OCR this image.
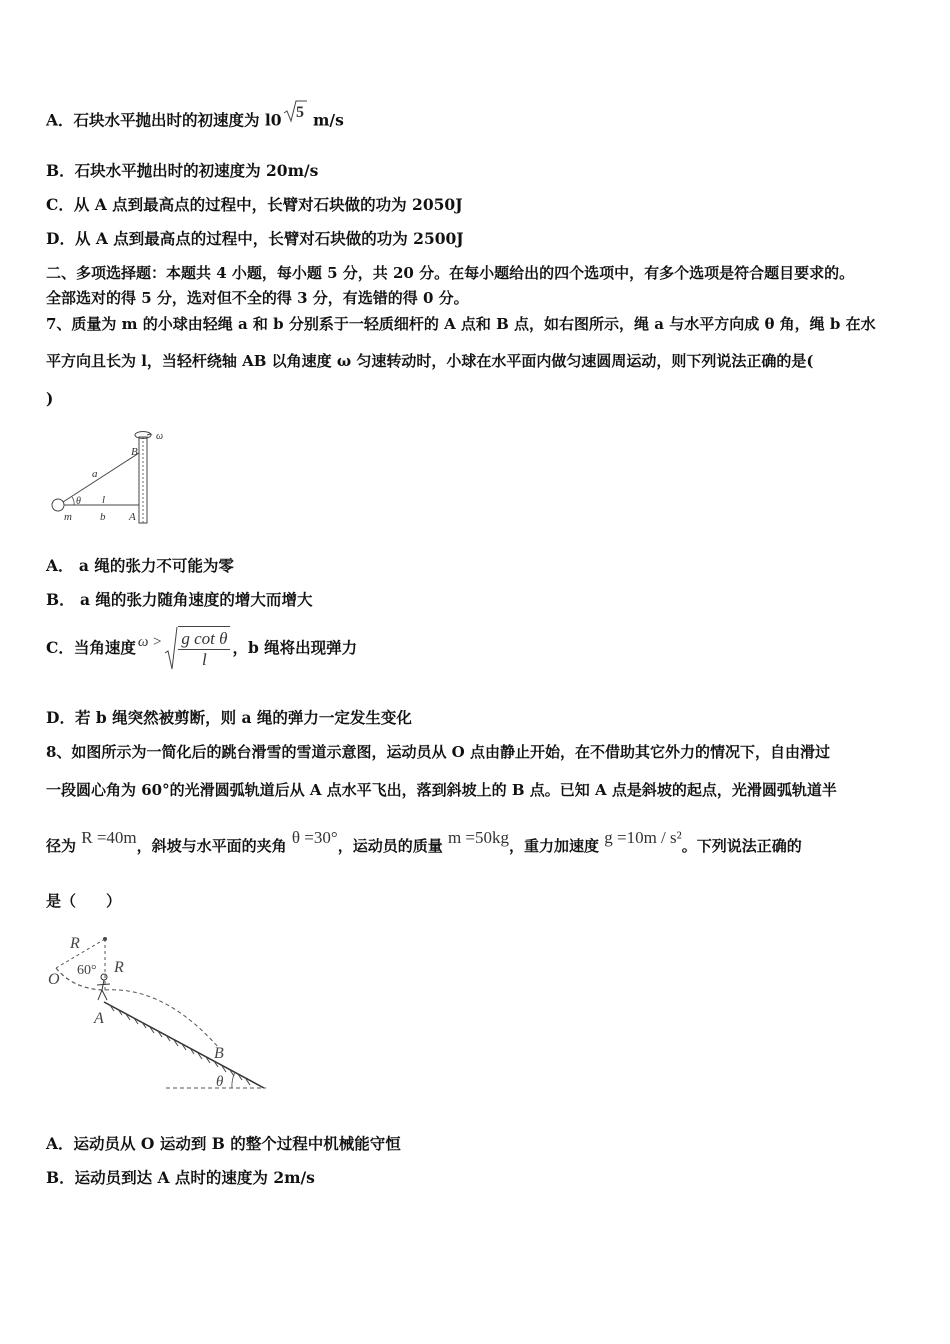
A．石块水平抛出时的初速度为 l0 5 m/s
B．石块水平抛出时的初速度为 20m/s
C．从 A 点到最高点的过程中，长臂对石块做的功为 2050J
D．从 A 点到最高点的过程中，长臂对石块做的功为 2500J
二、多项选择题：本题共 4 小题，每小题 5 分，共 20 分。在每小题给出的四个选项中，有多个选项是符合题目要求的。
全部选对的得 5 分，选对但不全的得 3 分，有选错的得 0 分。
7、质量为 m 的小球由轻绳 a 和 b 分别系于一轻质细杆的 A 点和 B 点，如右图所示，绳 a 与水平方向成 θ 角，绳 b 在水
平方向且长为 l，当轻杆绕轴 AB 以角速度 ω 匀速转动时，小球在水平面内做匀速圆周运动，则下列说法正确的是(
)
B
ω
a
θ l
m	b A
A． a 绳的张力不可能为零
B． a 绳的张力随角速度的增大而增大
C．当角速度 $\omega > \frac{\text{g cot θ}}{l}$ ，b 绳将出现弹力
D．若 b 绳突然被剪断，则 a 绳的弹力一定发生变化
8、如图所示为一简化后的跳台滑雪的雪道示意图，运动员从 O 点由静止开始，在不借助其它外力的情况下，自由滑过
一段圆心角为 60°的光滑圆弧轨道后从 A 点水平飞出，落到斜坡上的 B 点。已知 A 点是斜坡的起点，光滑圆弧轨道半
径为 R =40m，斜坡与水平面的夹角 θ =30°，运动员的质量 m =50kg，重力加速度 g =10m / s²。下列说法正确的
是（　　）
R
60° R
O
A
B
θ
A．运动员从 O 运动到 B 的整个过程中机械能守恒
B．运动员到达 A 点时的速度为 2m/s
